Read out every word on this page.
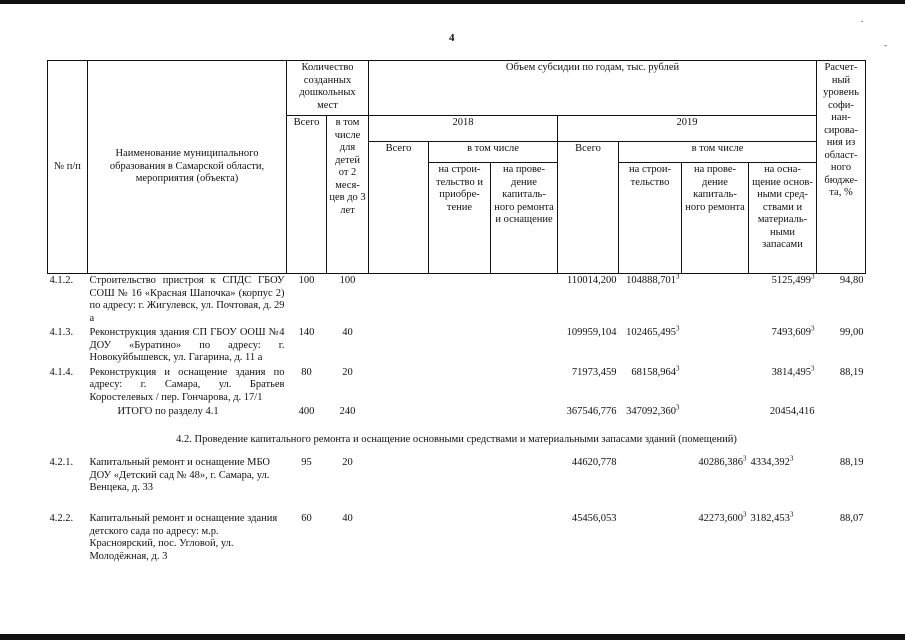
.
-
4
№ п/п	Наименование муниципального образования в Самарской области, мероприятия (объекта)	Количество созданных дошкольных мест		Объем субсидии по годам, тыс. рублей							Расчет- ный уровень софи- нан- сирова- ния из област- ного бюдже- та, %
		Всего	в том числе для детей от 2 меся- цев до 3 лет	2018			2019				
				Всего	в том числе		Всего	в том числе			
					на строи- тельство и приобре- тение	на прове- дение капиталь- ного ремонта и оснащение		на строи- тельство	на прове- дение капиталь- ного ремонта	на осна- щение основ- ными сред- ствами и материаль- ными запасами	
4.1.2.	Строительство пристроя к СПДС ГБОУ СОШ № 16 «Красная Шапочка» (корпус 2) по адресу: г. Жигулевск, ул. Почтовая, д. 29 а	100	100				110014,200	104888,701$^3$		5125,499$^3$	94,80
4.1.3.	Реконструкция здания СП ГБОУ ООШ №4 ДОУ «Буратино» по адресу: г. Новокуйбышевск, ул. Гагарина, д. 11 а	140	40				109959,104	102465,495$^3$		7493,609$^3$	99,00
4.1.4.	Реконструкция и оснащение здания по адресу: г. Самара, ул. Братьев Коростелевых / пер. Гончарова, д. 17/1	80	20				71973,459	68158,964$^3$		3814,495$^3$	88,19
	ИТОГО по разделу 4.1	400	240				367546,776	347092,360$^3$		20454,416	
4.2. Проведение капитального ремонта и оснащение основными средствами и материальными запасами зданий (помещений)											
4.2.1.	Капитальный ремонт и оснащение МБО ДОУ «Детский сад № 48», г. Самара, ул. Венцека, д. 33	95	20				44620,778		40286,386$^3$	4334,392$^3$	88,19
4.2.2.	Капитальный ремонт и оснащение здания детского сада по адресу: м.р. Красноярский, пос. Угловой, ул. Молодёжная, д. 3	60	40				45456,053		42273,600$^3$	3182,453$^3$	88,07
